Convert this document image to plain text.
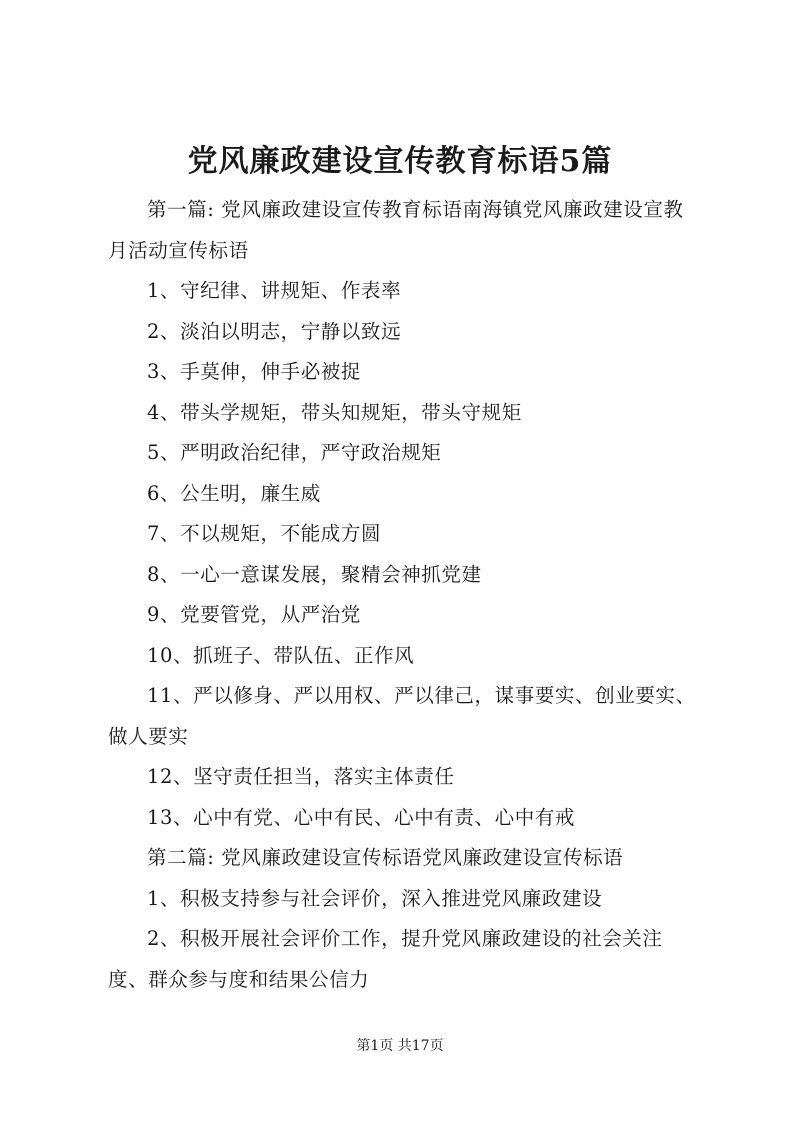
党风廉政建设宣传教育标语5篇

第一篇: 党风廉政建设宣传教育标语南海镇党风廉政建设宣教月活动宣传标语

1、守纪律、讲规矩、作表率

2、淡泊以明志，宁静以致远

3、手莫伸，伸手必被捉

4、带头学规矩，带头知规矩，带头守规矩

5、严明政治纪律，严守政治规矩

6、公生明，廉生威

7、不以规矩，不能成方圆

8、一心一意谋发展，聚精会神抓党建

9、党要管党，从严治党

10、抓班子、带队伍、正作风

11、严以修身、严以用权、严以律己，谋事要实、创业要实、做人要实

12、坚守责任担当，落实主体责任

13、心中有党、心中有民、心中有责、心中有戒

第二篇: 党风廉政建设宣传标语党风廉政建设宣传标语

1、积极支持参与社会评价，深入推进党风廉政建设

2、积极开展社会评价工作，提升党风廉政建设的社会关注度、群众参与度和结果公信力

第1页 共17页
